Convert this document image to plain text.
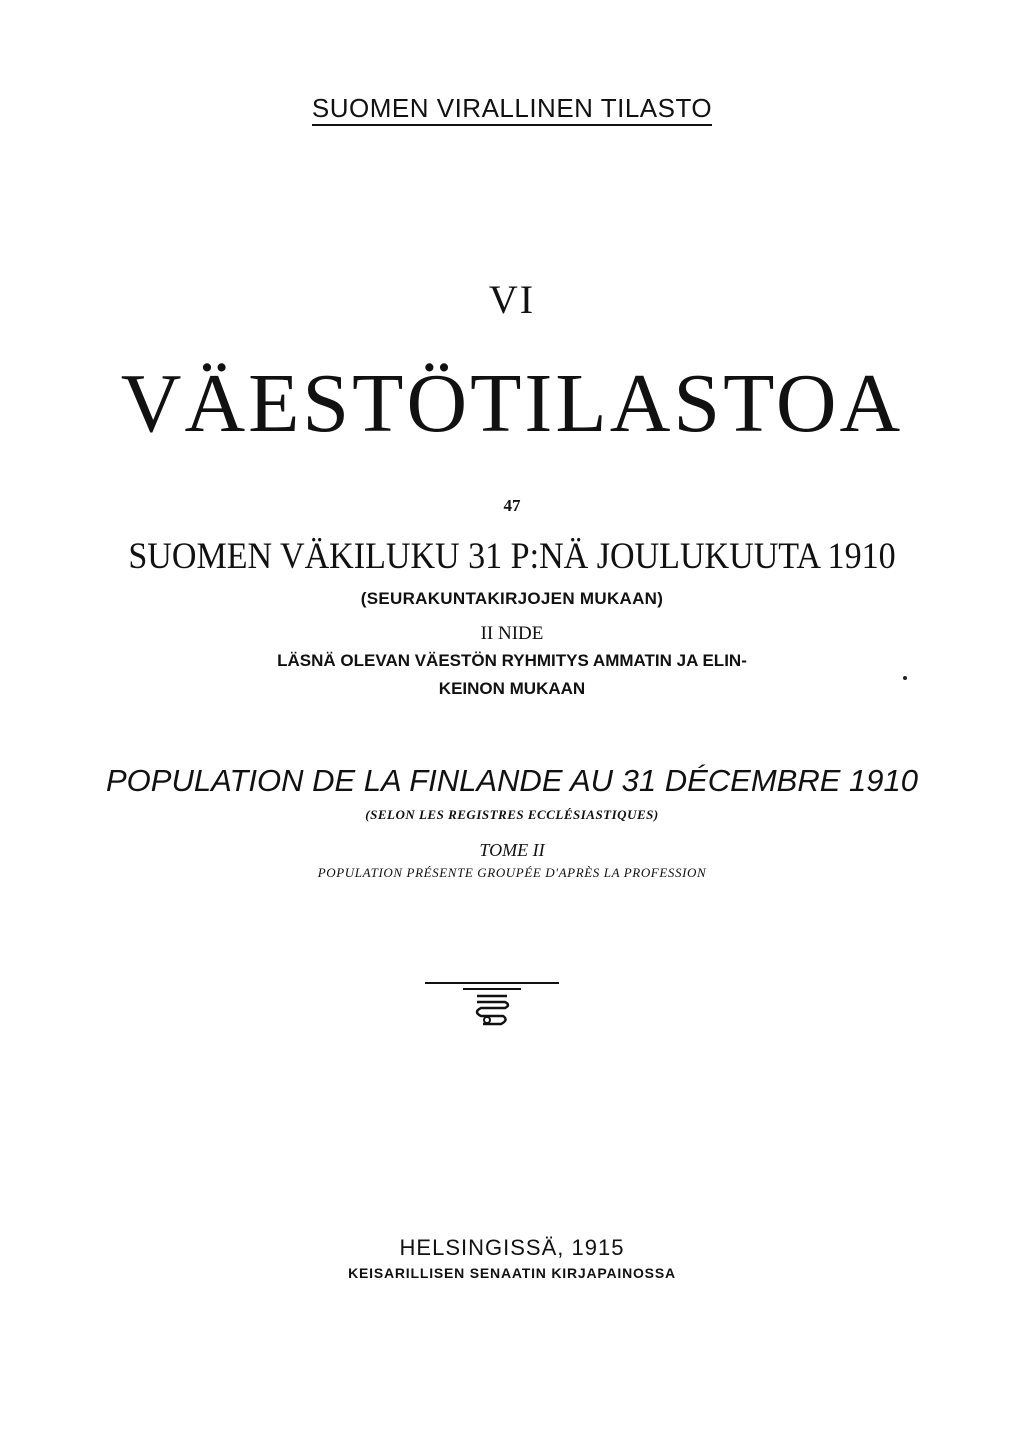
SUOMEN VIRALLINEN TILASTO
VI
VÄESTÖTILASTOA
47
SUOMEN VÄKILUKU 31 P:NÄ JOULUKUUTA 1910
(SEURAKUNTAKIRJOJEN MUKAAN)
II NIDE
LÄSNÄ OLEVAN VÄESTÖN RYHMITYS AMMATIN JA ELIN-
KEINON MUKAAN
POPULATION DE LA FINLANDE AU 31 DÉCEMBRE 1910
(SELON LES REGISTRES ECCLÉSIASTIQUES)
TOME II
POPULATION PRÉSENTE GROUPÉE D'APRÈS LA PROFESSION
HELSINGISSÄ, 1915
KEISARILLISEN SENAATIN KIRJAPAINOSSA
